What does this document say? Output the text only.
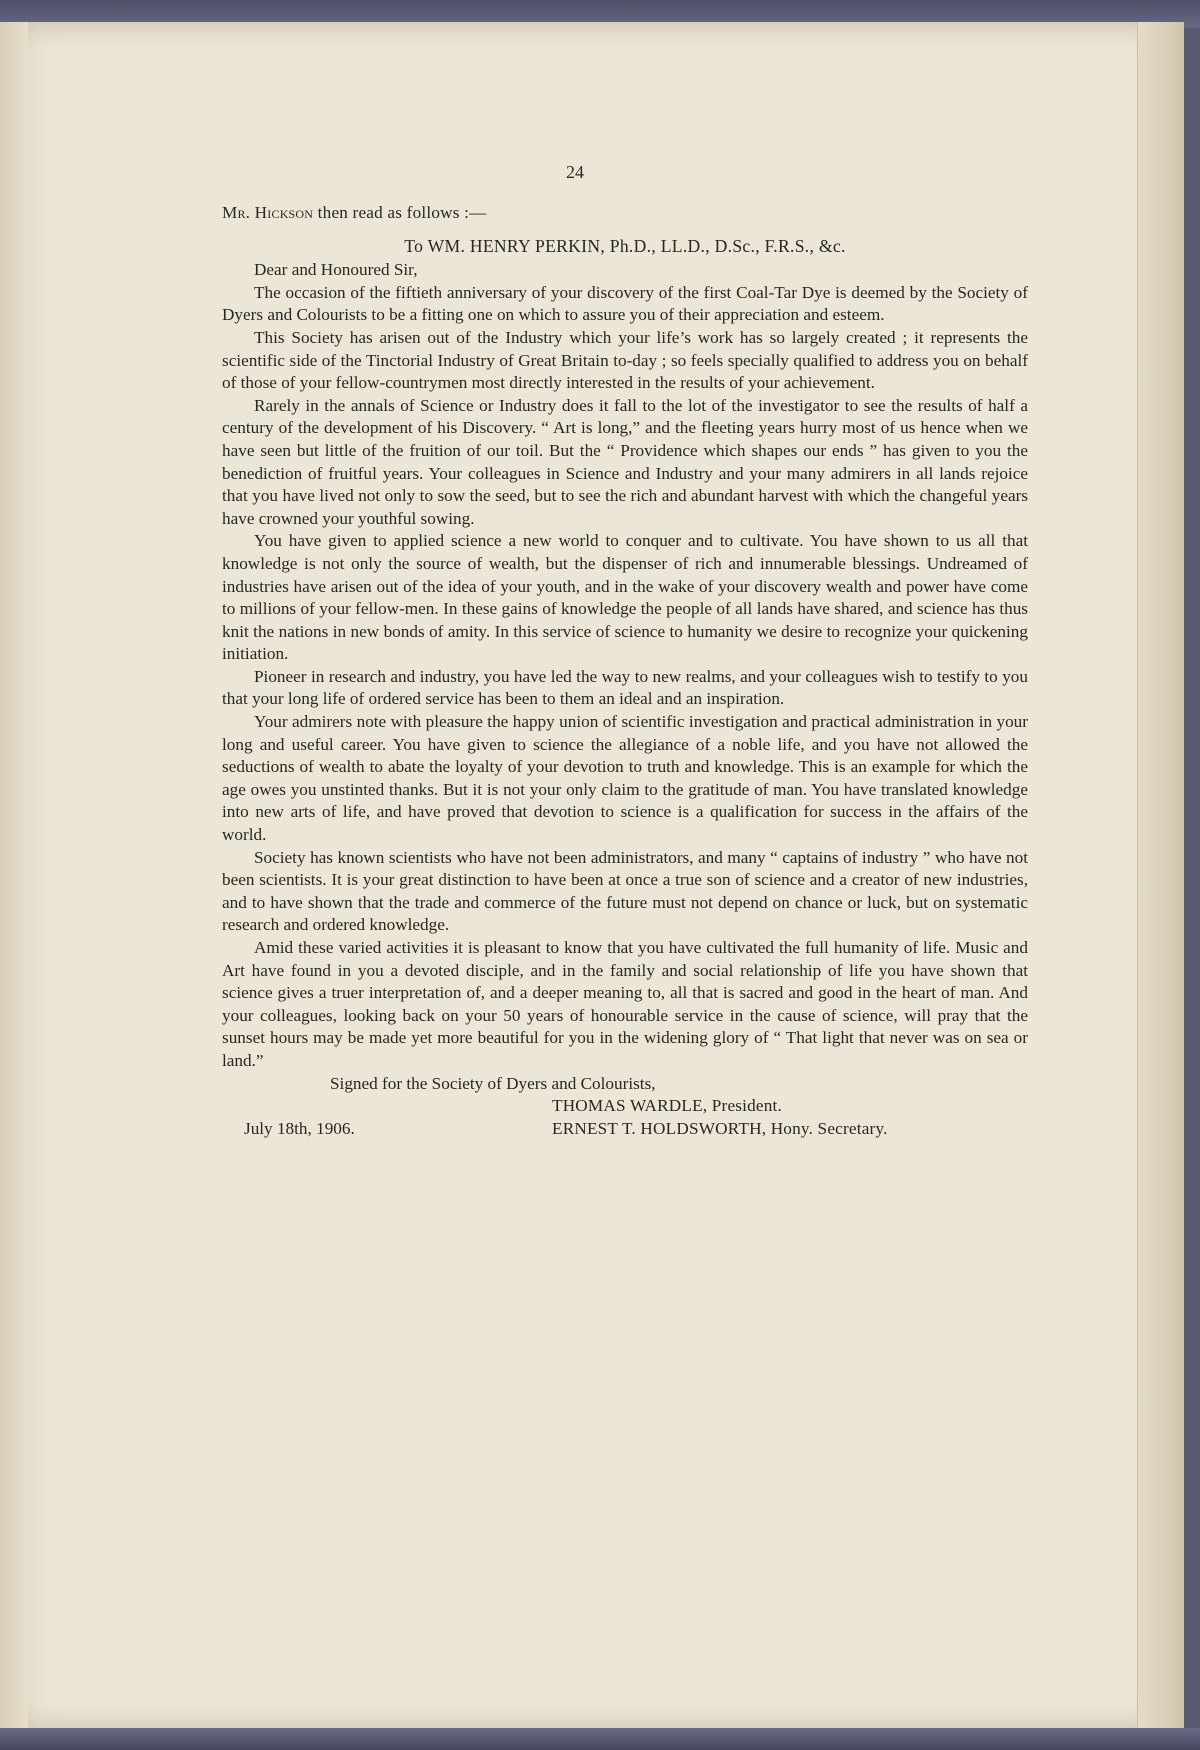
24
Mr. Hickson then read as follows :—
To WM. HENRY PERKIN, Ph.D., LL.D., D.Sc., F.R.S., &c.
Dear and Honoured Sir,
The occasion of the fiftieth anniversary of your discovery of the first Coal-Tar Dye is deemed by the Society of Dyers and Colourists to be a fitting one on which to assure you of their appreciation and esteem.
This Society has arisen out of the Industry which your life’s work has so largely created ; it represents the scientific side of the Tinctorial Industry of Great Britain to-day ; so feels specially qualified to address you on behalf of those of your fellow-countrymen most directly interested in the results of your achievement.
Rarely in the annals of Science or Industry does it fall to the lot of the investigator to see the results of half a century of the development of his Discovery. “ Art is long,” and the fleeting years hurry most of us hence when we have seen but little of the fruition of our toil. But the “ Providence which shapes our ends ” has given to you the benediction of fruitful years. Your colleagues in Science and Industry and your many admirers in all lands rejoice that you have lived not only to sow the seed, but to see the rich and abundant harvest with which the changeful years have crowned your youthful sowing.
You have given to applied science a new world to conquer and to cultivate. You have shown to us all that knowledge is not only the source of wealth, but the dispenser of rich and innumerable blessings. Undreamed of industries have arisen out of the idea of your youth, and in the wake of your discovery wealth and power have come to millions of your fellow-men. In these gains of knowledge the people of all lands have shared, and science has thus knit the nations in new bonds of amity. In this service of science to humanity we desire to recognize your quickening initiation.
Pioneer in research and industry, you have led the way to new realms, and your colleagues wish to testify to you that your long life of ordered service has been to them an ideal and an inspiration.
Your admirers note with pleasure the happy union of scientific investigation and practical administration in your long and useful career. You have given to science the allegiance of a noble life, and you have not allowed the seductions of wealth to abate the loyalty of your devotion to truth and knowledge. This is an example for which the age owes you unstinted thanks. But it is not your only claim to the gratitude of man. You have translated knowledge into new arts of life, and have proved that devotion to science is a qualification for success in the affairs of the world.
Society has known scientists who have not been administrators, and many “ captains of industry ” who have not been scientists. It is your great distinction to have been at once a true son of science and a creator of new industries, and to have shown that the trade and commerce of the future must not depend on chance or luck, but on systematic research and ordered knowledge.
Amid these varied activities it is pleasant to know that you have cultivated the full humanity of life. Music and Art have found in you a devoted disciple, and in the family and social relationship of life you have shown that science gives a truer interpretation of, and a deeper meaning to, all that is sacred and good in the heart of man. And your colleagues, looking back on your 50 years of honourable service in the cause of science, will pray that the sunset hours may be made yet more beautiful for you in the widening glory of “ That light that never was on sea or land.”
Signed for the Society of Dyers and Colourists,
THOMAS WARDLE, President.
July 18th, 1906.	ERNEST T. HOLDSWORTH, Hony. Secretary.
